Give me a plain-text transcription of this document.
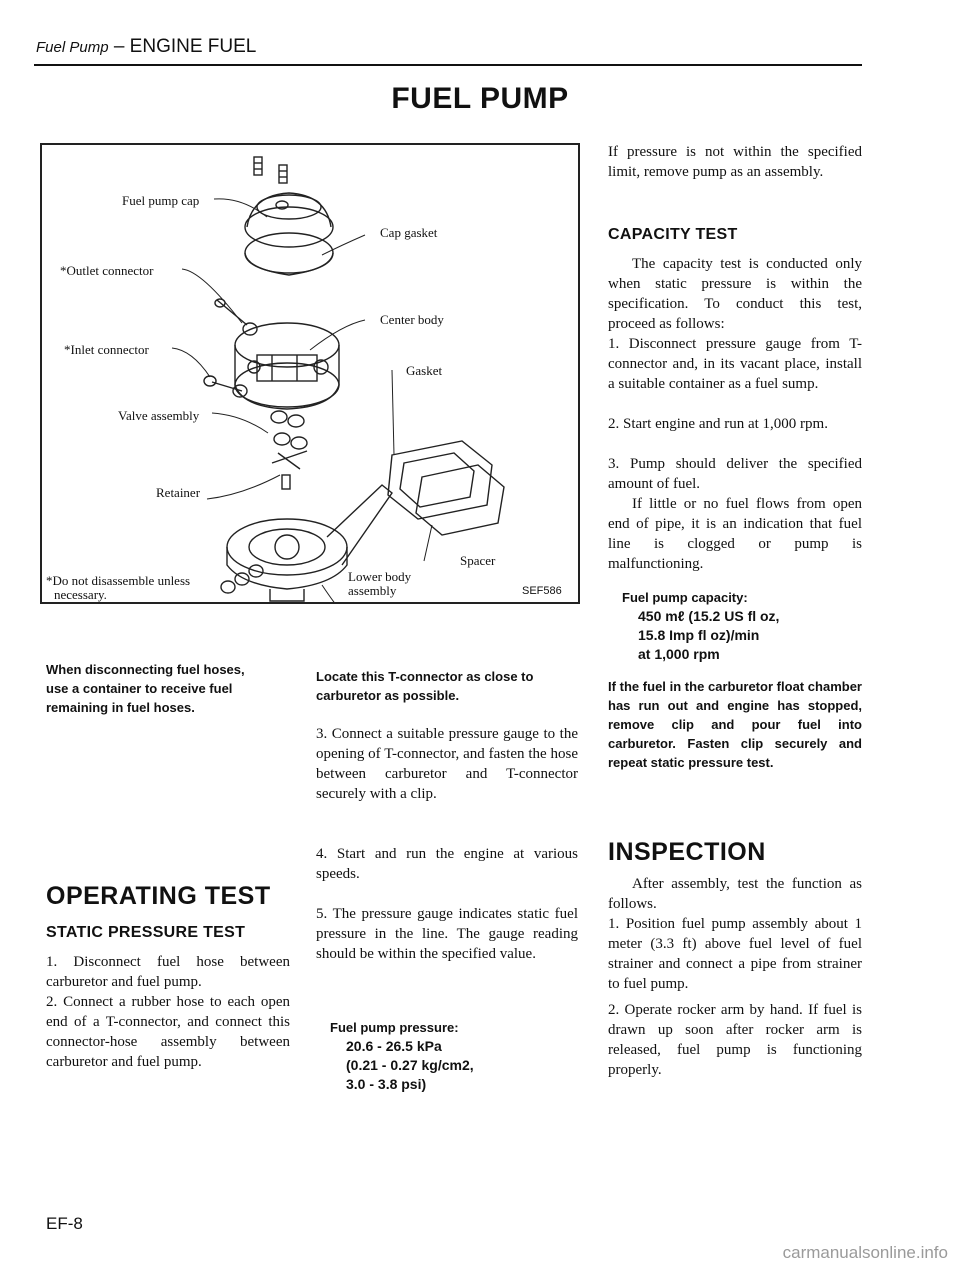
Fuel Pump – ENGINE FUEL
FUEL PUMP
Fuel pump cap
*Outlet connector
*Inlet connector
Valve assembly
Retainer
*Do not disassemble unless
necessary.
Cap gasket
Center body
Gasket
Spacer
Lower body
assembly	SEF586
When disconnecting fuel hoses, use a container to receive fuel remaining in fuel hoses.
OPERATING TEST
STATIC PRESSURE TEST
1. Disconnect fuel hose between carburetor and fuel pump.
2. Connect a rubber hose to each open end of a T-connector, and connect this connector-hose assembly between carburetor and fuel pump.
Locate this T-connector as close to carburetor as possible.
3. Connect a suitable pressure gauge to the opening of T-connector, and fasten the hose between carburetor and T-connector securely with a clip.
4. Start and run the engine at various speeds.
5. The pressure gauge indicates static fuel pressure in the line. The gauge reading should be within the specified value.
Fuel pump pressure:
20.6 - 26.5 kPa
(0.21 - 0.27 kg/cm2,
3.0 - 3.8 psi)
If pressure is not within the specified limit, remove pump as an assembly.
CAPACITY TEST
The capacity test is conducted only when static pressure is within the specification. To conduct this test, proceed as follows:
1. Disconnect pressure gauge from T-connector and, in its vacant place, install a suitable container as a fuel sump.
2. Start engine and run at 1,000 rpm.
3. Pump should deliver the specified amount of fuel.
If little or no fuel flows from open end of pipe, it is an indication that fuel line is clogged or pump is malfunctioning.
Fuel pump capacity:
450 mℓ (15.2 US fl oz,
15.8 Imp fl oz)/min
at 1,000 rpm
If the fuel in the carburetor float chamber has run out and engine has stopped, remove clip and pour fuel into carburetor. Fasten clip securely and repeat static pressure test.
INSPECTION
After assembly, test the function as follows.
1. Position fuel pump assembly about 1 meter (3.3 ft) above fuel level of fuel strainer and connect a pipe from strainer to fuel pump.
2. Operate rocker arm by hand. If fuel is drawn up soon after rocker arm is released, fuel pump is functioning properly.
EF-8
carmanualsonline.info
